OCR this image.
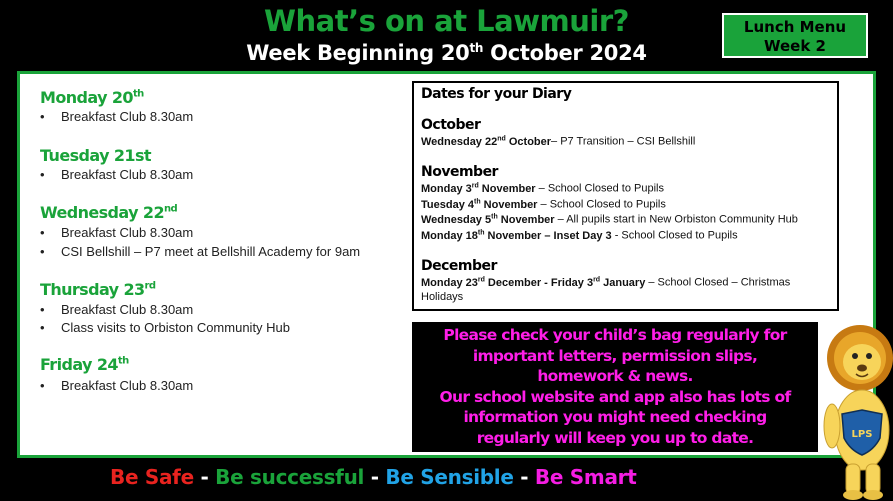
What’s on at Lawmuir?
Week Beginning 20th October 2024
Lunch Menu
Week 2
Monday 20th
• Breakfast Club 8.30am
Tuesday 21st
• Breakfast Club 8.30am
Wednesday 22nd
• Breakfast Club 8.30am
• CSI Bellshill – P7 meet at Bellshill Academy for 9am
Thursday 23rd
• Breakfast Club 8.30am
• Class visits to Orbiston Community Hub
Friday 24th
• Breakfast Club 8.30am
Dates for your Diary
October
Wednesday 22nd October– P7 Transition – CSI Bellshill
November
Monday 3rd November – School Closed to Pupils
Tuesday 4th November – School Closed to Pupils
Wednesday 5th November – All pupils start in New Orbiston Community Hub
Monday 18th November – Inset Day 3 - School Closed to Pupils
December
Monday 23rd December - Friday 3rd January – School Closed – Christmas
Holidays
Please check your child’s bag regularly for
important letters, permission slips,
homework & news.
Our school website and app also has lots of
information you might need checking
regularly will keep you up to date.
Be Safe - Be successful - Be Sensible - Be Smart
LPS
